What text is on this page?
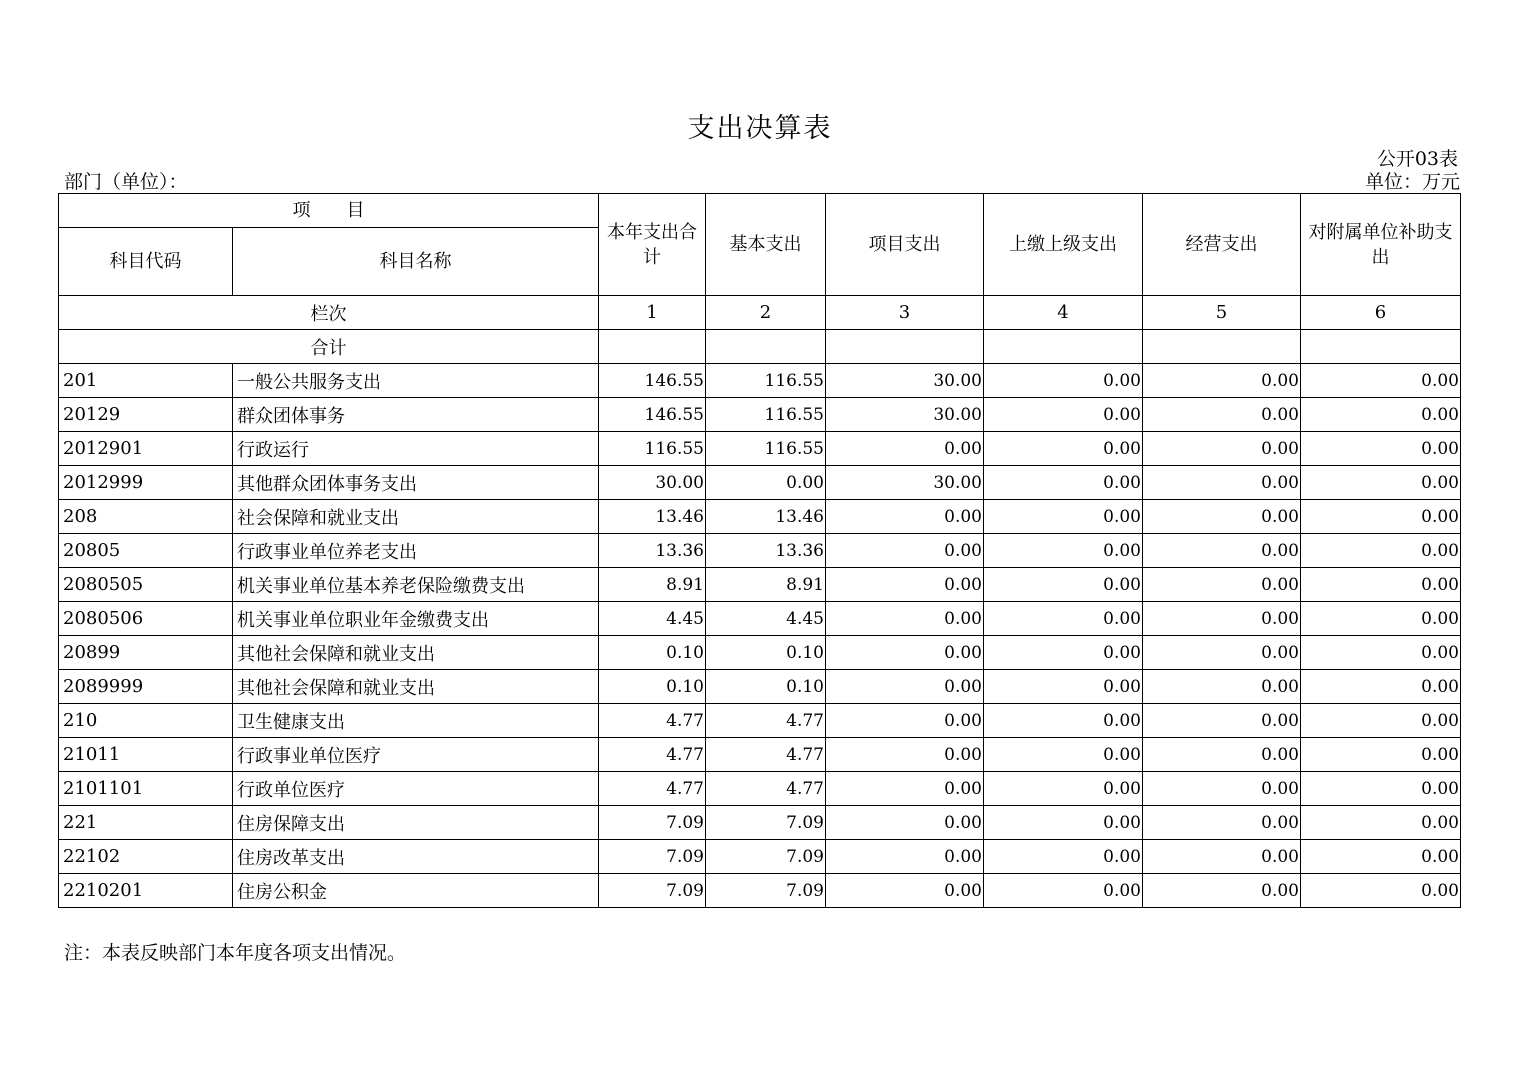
支出决算表
公开03表
部门（单位）：	单位：万元
项　　目		本年支出合计	基本支出	项目支出	上缴上级支出	经营支出	对附属单位补助支出
科目代码	科目名称						
栏次		1	2	3	4	5	6
合计							
201	一般公共服务支出	146.55	116.55	30.00	0.00	0.00	0.00
20129	群众团体事务	146.55	116.55	30.00	0.00	0.00	0.00
2012901	行政运行	116.55	116.55	0.00	0.00	0.00	0.00
2012999	其他群众团体事务支出	30.00	0.00	30.00	0.00	0.00	0.00
208	社会保障和就业支出	13.46	13.46	0.00	0.00	0.00	0.00
20805	行政事业单位养老支出	13.36	13.36	0.00	0.00	0.00	0.00
2080505	机关事业单位基本养老保险缴费支出	8.91	8.91	0.00	0.00	0.00	0.00
2080506	机关事业单位职业年金缴费支出	4.45	4.45	0.00	0.00	0.00	0.00
20899	其他社会保障和就业支出	0.10	0.10	0.00	0.00	0.00	0.00
2089999	其他社会保障和就业支出	0.10	0.10	0.00	0.00	0.00	0.00
210	卫生健康支出	4.77	4.77	0.00	0.00	0.00	0.00
21011	行政事业单位医疗	4.77	4.77	0.00	0.00	0.00	0.00
2101101	行政单位医疗	4.77	4.77	0.00	0.00	0.00	0.00
221	住房保障支出	7.09	7.09	0.00	0.00	0.00	0.00
22102	住房改革支出	7.09	7.09	0.00	0.00	0.00	0.00
2210201	住房公积金	7.09	7.09	0.00	0.00	0.00	0.00
注：本表反映部门本年度各项支出情况。
